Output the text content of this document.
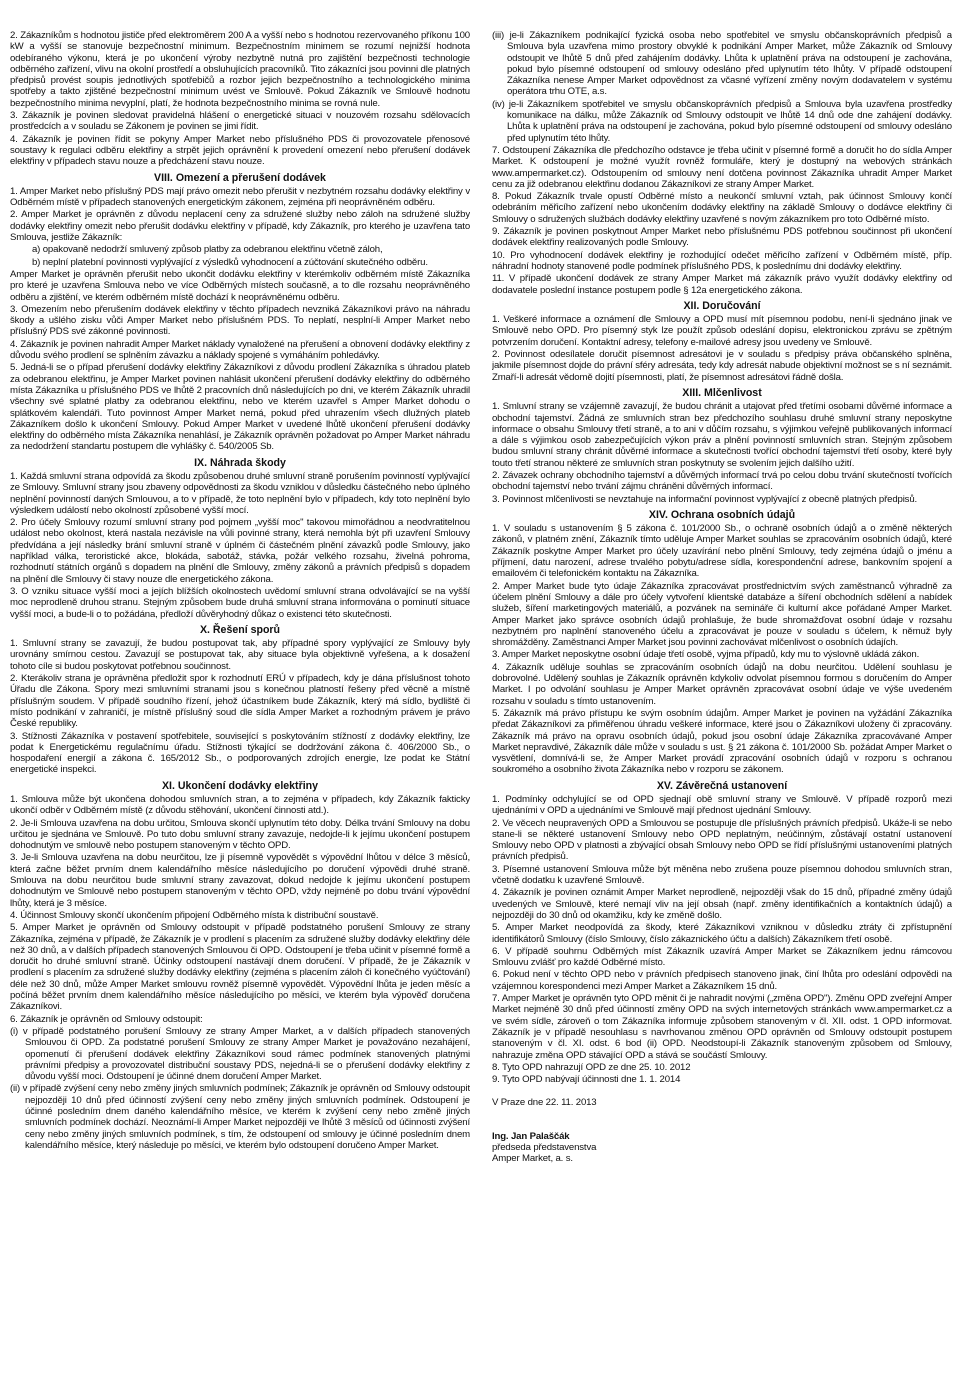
2. Zákazníkům s hodnotou jističe před elektroměrem 200 A a vyšší nebo s hodnotou rezervovaného příkonu 100 kW a vyšší se stanovuje bezpečnostní minimum. Bezpečnostním minimem se rozumí nejnižší hodnota odebíraného výkonu, která je po ukončení výroby nezbytně nutná pro zajištění bezpečnosti technologie odběrného zařízení, vlivu na okolní prostředí a obsluhujících pracovníků. Tito zákazníci jsou povinni dle platných předpisů provést soupis jednotlivých spotřebičů a rozbor jejich bezpečnostního a technologického minima spotřeby a takto zjištěné bezpečnostní minimum uvést ve Smlouvě. Pokud Zákazník ve Smlouvě hodnotu bezpečnostního minima nevyplní, platí, že hodnota bezpečnostního minima se rovná nule.

3. Zákazník je povinen sledovat pravidelná hlášení o energetické situaci v nouzovém rozsahu sdělovacích prostředcích a v souladu se Zákonem je povinen se jimi řídit.

4. Zákazník je povinen řídit se pokyny Amper Market nebo příslušného PDS či provozovatele přenosové soustavy k regulaci odběru elektřiny a strpět jejich oprávnění k provedení omezení nebo přerušení dodávek elektřiny v případech stavu nouze a předcházení stavu nouze.

VIII. Omezení a přerušení dodávek

1. Amper Market nebo příslušný PDS mají právo omezit nebo přerušit v nezbytném rozsahu dodávky elektřiny v Odběrném místě v případech stanovených energetickým zákonem, zejména při neoprávněném odběru.

2. Amper Market je oprávněn z důvodu neplacení ceny za sdružené služby nebo záloh na sdružené služby dodávky elektřiny omezit nebo přerušit dodávku elektřiny v případě, kdy Zákazník, pro kterého je uzavřena tato Smlouva, jestliže Zákazník:

a) opakovaně nedodrží smluvený způsob platby za odebranou elektřinu včetně záloh,

b) neplní platební povinnosti vyplývající z výsledků vyhodnocení a zúčtování skutečného odběru.

Amper Market je oprávněn přerušit nebo ukončit dodávku elektřiny v kterémkoliv odběrném místě Zákazníka pro které je uzavřena Smlouva nebo ve více Odběrných místech současně, a to dle rozsahu neoprávněného odběru a zjištění, ve kterém odběrném místě dochází k neoprávněnému odběru.

3. Omezením nebo přerušením dodávek elektřiny v těchto případech nevzniká Zákazníkovi právo na náhradu škody a ušlého zisku vůči Amper Market nebo příslušném PDS. To neplatí, nesplní-li Amper Market nebo příslušný PDS své zákonné povinnosti.

4. Zákazník je povinen nahradit Amper Market náklady vynaložené na přerušení a obnovení dodávky elektřiny z důvodu svého prodlení se splněním závazku a náklady spojené s vymáháním pohledávky.

5. Jedná-li se o případ přerušení dodávky elektřiny Zákazníkovi z důvodu prodlení Zákazníka s úhradou plateb za odebranou elektřinu, je Amper Market povinen nahlásit ukončení přerušení dodávky elektřiny do odběrného místa Zákazníka u příslušného PDS ve lhůtě 2 pracovních dnů následujících po dni, ve kterém Zákazník uhradil všechny své splatné platby za odebranou elektřinu, nebo ve kterém uzavřel s Amper Market dohodu o splátkovém kalendáři. Tuto povinnost Amper Market nemá, pokud před uhrazením všech dlužných plateb Zákazníkem došlo k ukončení Smlouvy. Pokud Amper Market v uvedené lhůtě ukončení přerušení dodávky elektřiny do odběrného místa Zákazníka nenahlásí, je Zákazník oprávněn požadovat po Amper Market náhradu za nedodržení standartu postupem dle vyhlášky č. 540/2005 Sb.

IX. Náhrada škody

1. Každá smluvní strana odpovídá za škodu způsobenou druhé smluvní straně porušením povinností vyplývající ze Smlouvy. Smluvní strany jsou zbaveny odpovědnosti za škodu vzniklou v důsledku částečného nebo úplného neplnění povinností daných Smlouvou, a to v případě, že toto neplnění bylo v případech, kdy toto neplnění bylo výsledkem událostí nebo okolností způsobené vyšší mocí.

2. Pro účely Smlouvy rozumí smluvní strany pod pojmem „vyšší moc" takovou mimořádnou a neodvratitelnou událost nebo okolnost, která nastala nezávisle na vůli povinné strany, která nemohla být při uzavření Smlouvy předvídána a její následky brání smluvní straně v úplném či částečném plnění závazků podle Smlouvy, jako například válka, teroristické akce, blokáda, sabotáž, stávka, požár velkého rozsahu, živelná pohroma, rozhodnutí státních orgánů s dopadem na plnění dle Smlouvy, změny zákonů a právních předpisů s dopadem na plnění dle Smlouvy či stavy nouze dle energetického zákona.

3. O vzniku situace vyšší moci a jejích blížších okolnostech uvědomí smluvní strana odvolávající se na vyšší moc neprodleně druhou stranu. Stejným způsobem bude druhá smluvní strana informována o pominutí situace vyšší moci, a bude-li o to požádána, předloží důvěryhodný důkaz o existenci této skutečnosti.

X. Řešení sporů

1. Smluvní strany se zavazují, že budou postupovat tak, aby případné spory vyplývající ze Smlouvy byly urovnány smírnou cestou. Zavazují se postupovat tak, aby situace byla objektivně vyřešena, a k dosažení tohoto cíle si budou poskytovat potřebnou součinnost.

2. Kterákoliv strana je oprávněna předložit spor k rozhodnutí ERÚ v případech, kdy je dána příslušnost tohoto Úřadu dle Zákona. Spory mezi smluvními stranami jsou s konečnou platností řešeny před věcně a místně příslušným soudem. V případě soudního řízení, jehož účastníkem bude Zákazník, který má sídlo, bydliště či místo podnikání v zahraničí, je místně příslušný soud dle sídla Amper Market a rozhodným právem je právo České republiky.

3. Stížnosti Zákazníka v postavení spotřebitele, související s poskytováním stížností z dodávky elektřiny, lze podat k Energetickému regulačnímu úřadu. Stížnosti týkající se dodržování zákona č. 406/2000 Sb., o hospodaření energií a zákona č. 165/2012 Sb., o podporovaných zdrojích energie, lze podat ke Státní energetické inspekci.

XI. Ukončení dodávky elektřiny

1. Smlouva může být ukončena dohodou smluvních stran, a to zejména v případech, kdy Zákazník fakticky ukončí odběr v Odběrném místě (z důvodu stěhování, ukončení činnosti atd.).

2. Je-li Smlouva uzavřena na dobu určitou, Smlouva skončí uplynutím této doby. Délka trvání Smlouvy na dobu určitou je sjednána ve Smlouvě. Po tuto dobu smluvní strany zavazuje, nedojde-li k jejímu ukončení postupem dohodnutým ve smlouvě nebo postupem stanoveným v těchto OPD.

3. Je-li Smlouva uzavřena na dobu neurčitou, lze ji písemně vypovědět s výpovědní lhůtou v délce 3 měsíců, která začne běžet prvním dnem kalendářního měsíce následujícího po doručení výpovědi druhé straně. Smlouva na dobu neurčitou bude smluvní strany zavazovat, dokud nedojde k jejímu ukončení postupem dohodnutým ve Smlouvě nebo postupem stanoveným v těchto OPD, vždy nejméně po dobu trvání výpovědní lhůty, která je 3 měsíce.

4. Účinnost Smlouvy skončí ukončením připojení Odběrného místa k distribuční soustavě.

5. Amper Market je oprávněn od Smlouvy odstoupit v případě podstatného porušení Smlouvy ze strany Zákazníka, zejména v případě, že Zákazník je v prodlení s placením za sdružené služby dodávky elektřiny déle než 30 dnů, a v dalších případech stanovených Smlouvou či OPD. Odstoupení je třeba učinit v písemné formě a doručit ho druhé smluvní straně. Účinky odstoupení nastávají dnem doručení. V případě, že je Zákazník v prodlení s placením za sdružené služby dodávky elektřiny (zejména s placením záloh či konečného vyúčtování) déle než 30 dnů, může Amper Market smlouvu rovněž písemně vypovědět. Výpovědní lhůta je jeden měsíc a počíná běžet prvním dnem kalendářního měsíce následujícího po měsíci, ve kterém byla výpověď doručena Zákazníkovi.

6. Zákazník je oprávněn od Smlouvy odstoupit:

(i) v případě podstatného porušení Smlouvy ze strany Amper Market, a v dalších případech stanovených Smlouvou či OPD. Za podstatné porušení Smlouvy ze strany Amper Market je považováno nezahájení, opomenutí či přerušení dodávek elektřiny Zákazníkovi soud rámec podmínek stanovených platnými právními předpisy a provozovatel distribuční soustavy PDS, nejedná-li se o přerušení dodávky elektřiny z důvodu vyšší moci. Odstoupení je účinné dnem doručení Amper Market.

(ii) v případě zvýšení ceny nebo změny jiných smluvních podmínek; Zákazník je oprávněn od Smlouvy odstoupit nejpozději 10 dnů před účinností zvýšení ceny nebo změny jiných smluvních podmínek. Odstoupení je účinné posledním dnem daného kalendářního měsíce, ve kterém k zvýšení ceny nebo změně jiných smluvních podmínek dochází. Neoznámí-li Amper Market nejpozději ve lhůtě 3 měsíců od účinnosti zvýšení ceny nebo změny jiných smluvních podmínek, s tím, že odstoupení od smlouvy je účinné posledním dnem kalendářního měsíce, který následuje po měsíci, ve kterém bylo odstoupení doručeno Amper Market.

(iii) je-li Zákazníkem podnikající fyzická osoba nebo spotřebitel ve smyslu občanskoprávních předpisů a Smlouva byla uzavřena mimo prostory obvyklé k podnikání Amper Market, může Zákazník od Smlouvy odstoupit ve lhůtě 5 dnů před zahájením dodávky. Lhůta k uplatnění práva na odstoupení je zachována, pokud bylo písemné odstoupení od smlouvy odesláno před uplynutím této lhůty. V případě odstoupení Zákazníka nenese Amper Market odpovědnost za včasné vyřízení změny novým dodavatelem v systému operátora trhu OTE, a.s.

(iv) je-li Zákazníkem spotřebitel ve smyslu občanskoprávních předpisů a Smlouva byla uzavřena prostředky komunikace na dálku, může Zákazník od Smlouvy odstoupit ve lhůtě 14 dnů ode dne zahájení dodávky. Lhůta k uplatnění práva na odstoupení je zachována, pokud bylo písemné odstoupení od smlouvy odesláno před uplynutím této lhůty.

7. Odstoupení Zákazníka dle předchozího odstavce je třeba učinit v písemné formě a doručit ho do sídla Amper Market. K odstoupení je možné využít rovněž formuláře, který je dostupný na webových stránkách www.ampermarket.cz). Odstoupením od smlouvy není dotčena povinnost Zákazníka uhradit Amper Market cenu za již odebranou elektřinu dodanou Zákazníkovi ze strany Amper Market.

8. Pokud Zákazník trvale opustí Odběrné místo a neukončí smluvní vztah, pak účinnost Smlouvy končí odebráním měřicího zařízení nebo ukončením dodávky elektřiny na základě Smlouvy o dodávce elektřiny či Smlouvy o sdružených službách dodávky elektřiny uzavřené s novým zákazníkem pro toto Odběrné místo.

9. Zákazník je povinen poskytnout Amper Market nebo příslušnému PDS potřebnou součinnost při ukončení dodávek elektřiny realizovaných podle Smlouvy.

10. Pro vyhodnocení dodávek elektřiny je rozhodující odečet měřicího zařízení v Odběrném místě, příp. náhradní hodnoty stanovené podle podmínek příslušného PDS, k poslednímu dni dodávky elektřiny.

11. V případě ukončení dodávek ze strany Amper Market má zákazník právo využít dodávky elektřiny od dodavatele poslední instance postupem podle § 12a energetického zákona.

XII. Doručování

1. Veškeré informace a oznámení dle Smlouvy a OPD musí mít písemnou podobu, není-li sjednáno jinak ve Smlouvě nebo OPD. Pro písemný styk lze použít způsob odeslání dopisu, elektronickou zprávu se zpětným potvrzením doručení. Kontaktní adresy, telefony e-mailové adresy jsou uvedeny ve Smlouvě.

2. Povinnost odesílatele doručit písemnost adresátovi je v souladu s předpisy práva občanského splněna, jakmile písemnost dojde do právní sféry adresáta, tedy kdy adresát nabude objektivní možnost se s ní seznámit. Zmaří-li adresát vědomě dojití písemnosti, platí, že písemnost adresátovi řádně došla.

XIII. Mlčenlivost

1. Smluvní strany se vzájemně zavazují, že budou chránit a utajovat před třetími osobami důvěrné informace a obchodní tajemství. Žádná ze smluvních stran bez předchozího souhlasu druhé smluvní strany neposkytne informace o obsahu Smlouvy třetí straně, a to ani v důčím rozsahu, s výjimkou veřejně publikovaných informací a dále s výjimkou osob zabezpečujících výkon práv a plnění povinností smluvních stran. Stejným způsobem budou smluvní strany chránit důvěrné informace a skutečnosti tvořící obchodní tajemství třetí osoby, které byly touto třetí stranou některé ze smluvních stran poskytnuty se svolením jejich dalšího užití.

2. Závazek ochrany obchodního tajemství a důvěrných informací trvá po celou dobu trvání skutečností tvořících obchodní tajemství nebo trvání zájmu chráněni důvěrných informací.

3. Povinnost mlčenlivosti se nevztahuje na informační povinnost vyplývající z obecně platných předpisů.

XIV. Ochrana osobních údajů

1. V souladu s ustanovením § 5 zákona č. 101/2000 Sb., o ochraně osobních údajů a o změně některých zákonů, v platném znění, Zákazník tímto uděluje Amper Market souhlas se zpracováním osobních údajů, které Zákazník poskytne Amper Market pro účely uzavírání nebo plnění Smlouvy, tedy zejména údajů o jménu a příjmení, datu narození, adrese trvalého pobytu/adrese sídla, korespondenční adrese, bankovním spojení a emailovém či telefonickém kontaktu na Zákazníka.

2. Amper Market bude tyto údaje Zákazníka zpracovávat prostřednictvím svých zaměstnanců výhradně za účelem plnění Smlouvy a dále pro účely vytvoření klientské databáze a šíření obchodních sdělení a nabídek služeb, šíření marketingových materiálů, a pozvánek na semináře či kulturní akce pořádané Amper Market. Amper Market jako správce osobních údajů prohlašuje, že bude shromažďovat osobní údaje v rozsahu nezbytném pro naplnění stanoveného účelu a zpracovávat je pouze v souladu s účelem, k němuž byly shromážděny. Zaměstnanci Amper Market jsou povinni zachovávat mlčenlivost o osobních údajích.

3. Amper Market neposkytne osobní údaje třetí osobě, vyjma případů, kdy mu to výslovně ukládá zákon.

4. Zákazník uděluje souhlas se zpracováním osobních údajů na dobu neurčitou. Udělení souhlasu je dobrovolné. Udělený souhlas je Zákazník oprávněn kdykoliv odvolat písemnou formou s doručením do Amper Market. I po odvolání souhlasu je Amper Market oprávněn zpracovávat osobní údaje ve výše uvedeném rozsahu v souladu s tímto ustanovením.

5. Zákazník má právo přístupu ke svým osobním údajům. Amper Market je povinen na vyžádání Zákazníka předat Zákazníkovi za přiměřenou úhradu veškeré informace, které jsou o Zákazníkovi uloženy či zpracovány. Zákazník má právo na opravu osobních údajů, pokud jsou osobní údaje Zákazníka zpracovávané Amper Market nepravdivé, Zákazník dále může v souladu s ust. § 21 zákona č. 101/2000 Sb. požádat Amper Market o vysvětlení, domnívá-li se, že Amper Market provádí zpracování osobních údajů v rozporu s ochranou soukromého a osobního života Zákazníka nebo v rozporu se zákonem.

XV. Závěrečná ustanovení

1. Podmínky odchylující se od OPD sjednají obě smluvní strany ve Smlouvě. V případě rozporů mezi ujednáními v OPD a ujednáními ve Smlouvě mají přednost ujednání Smlouvy.

2. Ve věcech neupravených OPD a Smlouvou se postupuje dle příslušných právních předpisů. Ukáže-li se nebo stane-li se některé ustanovení Smlouvy nebo OPD neplatným, neúčinným, zůstávají ostatní ustanovení Smlouvy nebo OPD v platnosti a zbývající obsah Smlouvy nebo OPD se řídí příslušnými ustanoveními platných právních předpisů.

3. Písemné ustanovení Smlouva může být měněna nebo zrušena pouze písemnou dohodou smluvních stran, včetně dodatku k uzavřené Smlouvě.

4. Zákazník je povinen oznámit Amper Market neprodleně, nejpozději však do 15 dnů, případné změny údajů uvedených ve Smlouvě, které nemají vliv na její obsah (např. změny identifikačních a kontaktních údajů) a nejpozději do 30 dnů od okamžiku, kdy ke změně došlo.

5. Amper Market neodpovídá za škody, které Zákazníkovi vzniknou v důsledku ztráty či zpřístupnění identifikátorů Smlouvy (číslo Smlouvy, číslo zákaznického účtu a dalších) Zákazníkem třetí osobě.

6. V případě souhrnu Odběrných míst Zákazník uzavírá Amper Market se Zákazníkem jednu rámcovou Smlouvu zvlášť pro každé Odběrné místo.

6. Pokud není v těchto OPD nebo v právních předpisech stanoveno jinak, činí lhůta pro odeslání odpovědi na vzájemnou korespondenci mezi Amper Market a Zákazníkem 15 dnů.

7. Amper Market je oprávněn tyto OPD měnit či je nahradit novými („změna OPD"). Změnu OPD zveřejní Amper Market nejméně 30 dnů před účinností změny OPD na svých internetových stránkách www.ampermarket.cz a ve svém sídle, zároveň o tom Zákazníka informuje způsobem stanoveným v čl. XII. odst. 1 OPD informovat. Zákazník je v případě nesouhlasu s navrhovanou změnou OPD oprávněn od Smlouvy odstoupit postupem stanoveným v čl. XI. odst. 6 bod (ii) OPD. Neodstoupí-li Zákazník stanoveným způsobem od Smlouvy, nahrazuje změna OPD stávající OPD a stává se součástí Smlouvy.

8. Tyto OPD nahrazují OPD ze dne 25. 10. 2012

9. Tyto OPD nabývají účinnosti dne 1. 1. 2014

V Praze dne 22. 11. 2013
Ing. Jan Palaščák
předseda představenstva
Amper Market, a. s.
